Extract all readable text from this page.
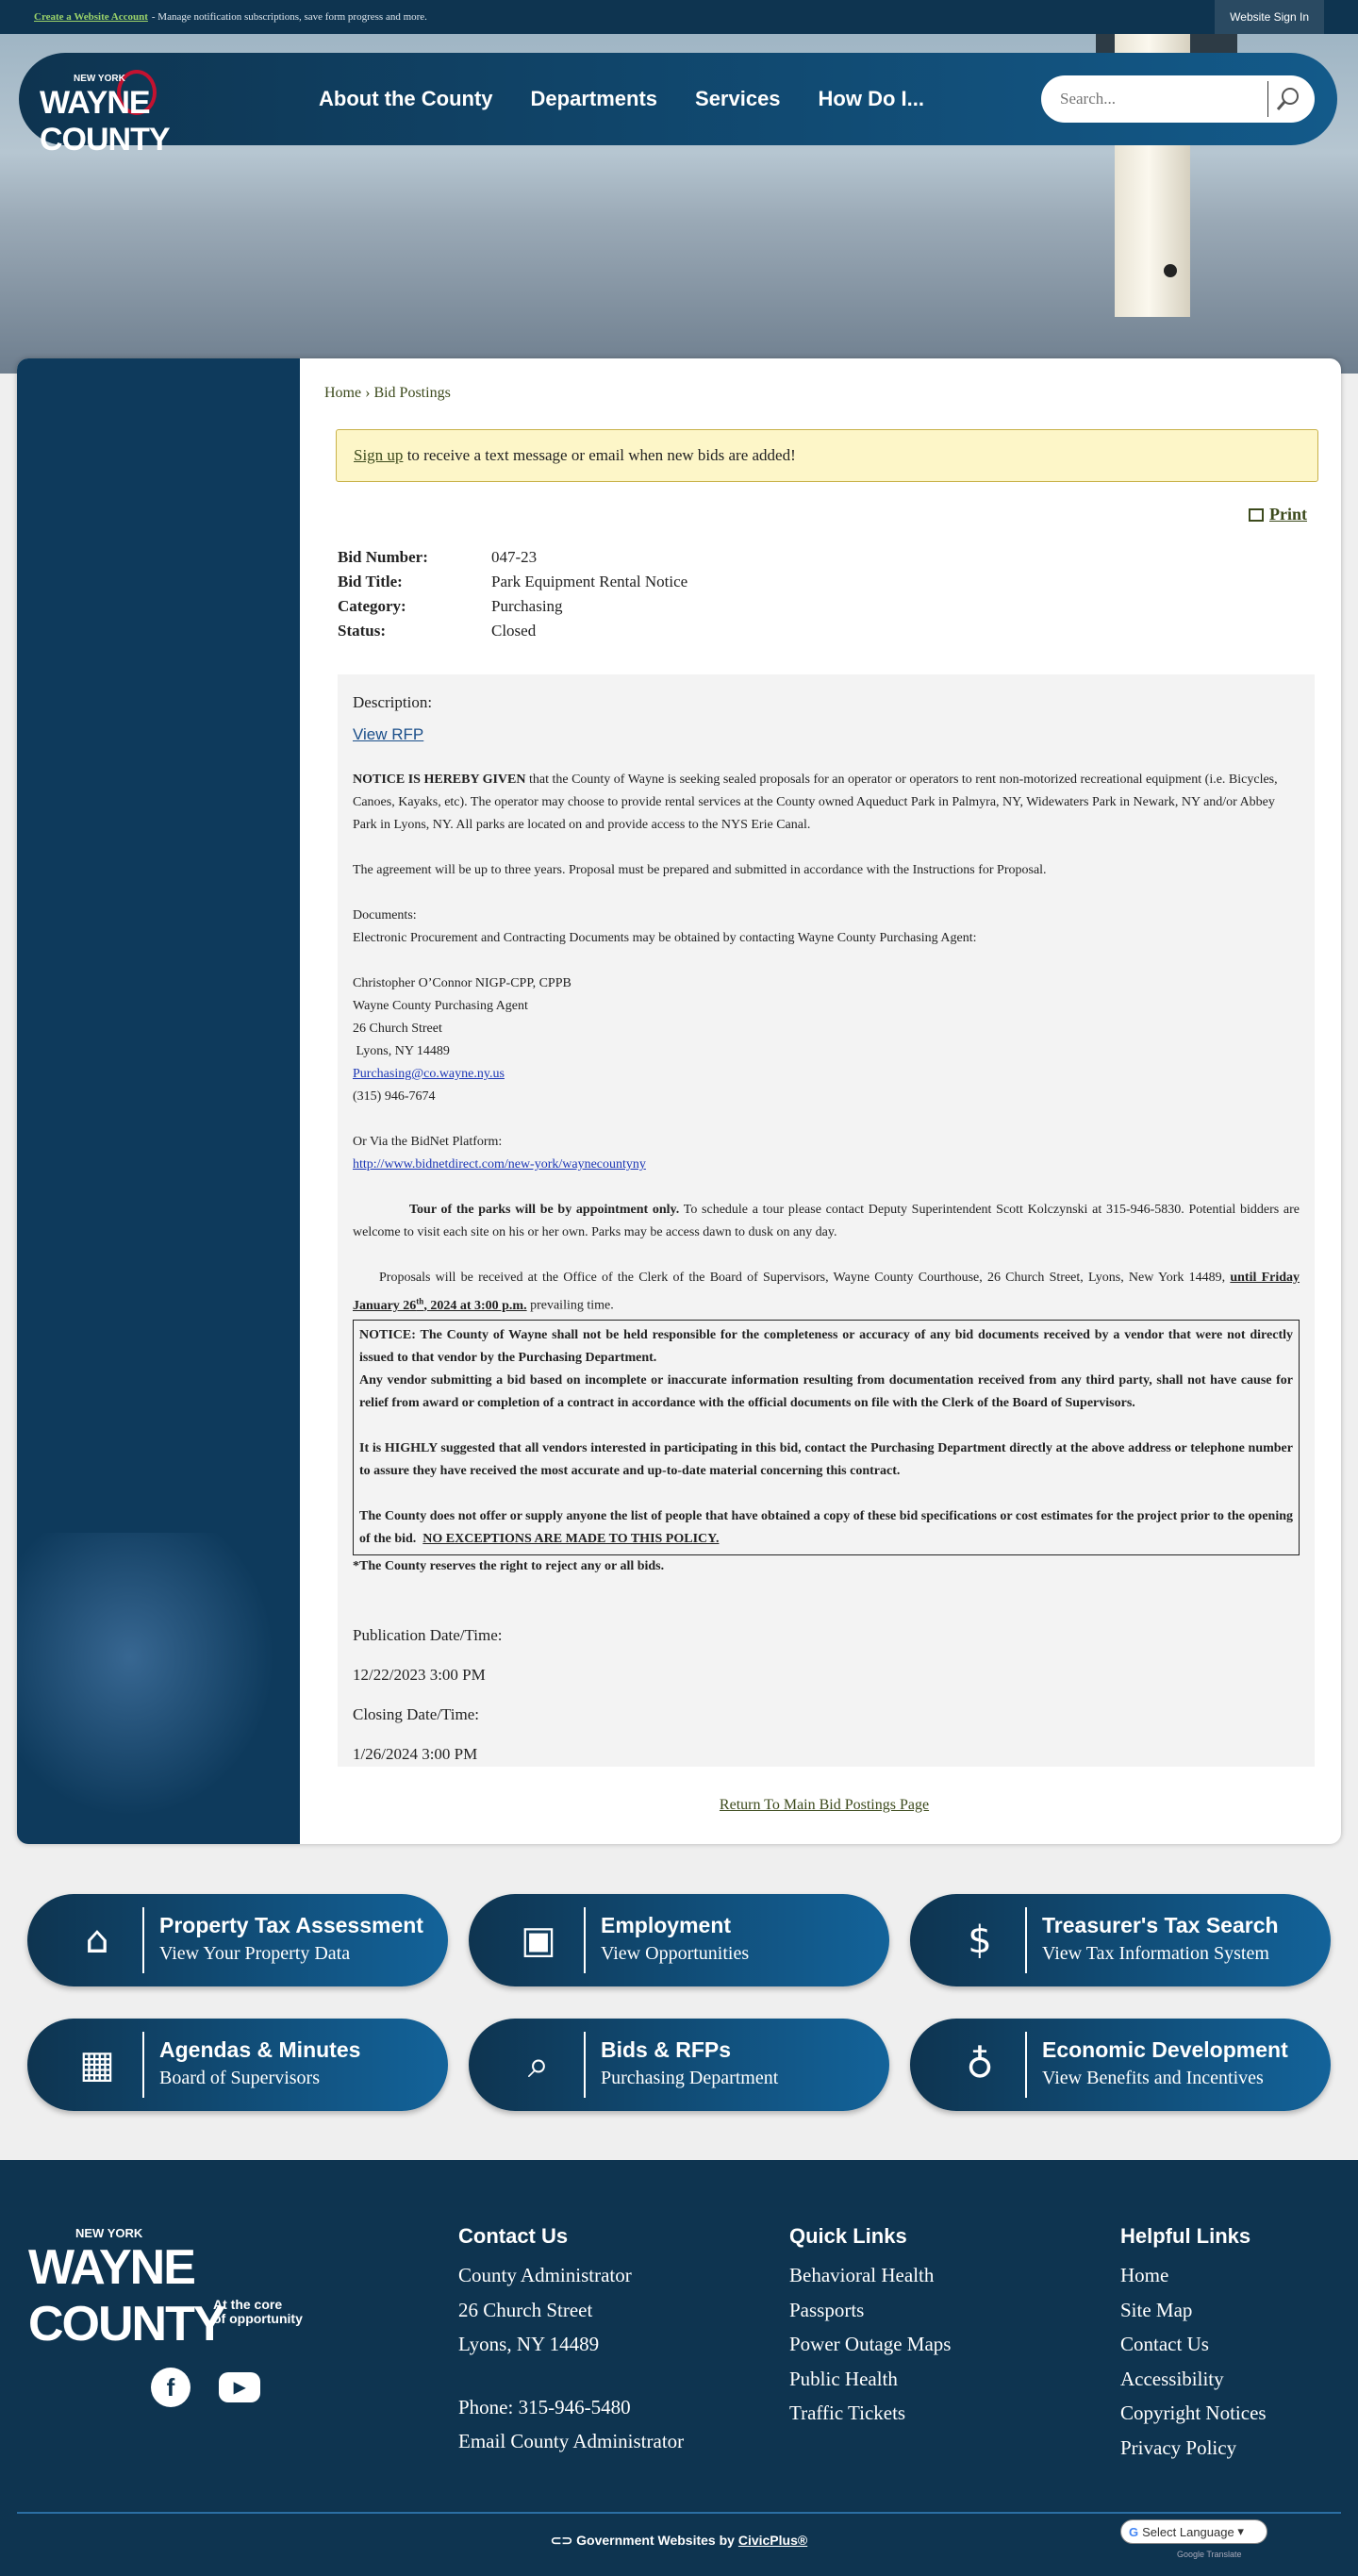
Create a Website Account - Manage notification subscriptions, save form progress and more.	Website Sign In
NEW YORK
WAYNE COUNTY
About the County	Departments	Services	How Do I...
Search...
Home › Bid Postings
Sign up
to receive a text message or email when new bids are added!
Print
Bid Number:	047-23
Bid Title:	Park Equipment Rental Notice
Category:	Purchasing
Status:	Closed
Description:
View RFP

NOTICE IS HEREBY GIVEN that the County of Wayne is seeking sealed proposals for an operator or operators to rent non-motorized recreational equipment (i.e. Bicycles, Canoes, Kayaks, etc). The operator may choose to provide rental services at the County owned Aqueduct Park in Palmyra, NY, Widewaters Park in Newark, NY and/or Abbey Park in Lyons, NY. All parks are located on and provide access to the NYS Erie Canal.

The agreement will be up to three years. Proposal must be prepared and submitted in accordance with the Instructions for Proposal.

Documents:

Electronic Procurement and Contracting Documents may be obtained by contacting Wayne County Purchasing Agent:

Christopher O’Connor NIGP-CPP, CPPB

Wayne County Purchasing Agent

26 Church Street

Lyons, NY 14489

Purchasing@co.wayne.ny.us

(315) 946-7674

Or Via the BidNet Platform:

http://www.bidnetdirect.com/new-york/waynecountyny

Tour of the parks will be by appointment only. To schedule a tour please contact Deputy Superintendent Scott Kolczynski at 315-946-5830. Potential bidders are welcome to visit each site on his or her own. Parks may be access dawn to dusk on any day.

Proposals will be received at the Office of the Clerk of the Board of Supervisors, Wayne County Courthouse, 26 Church Street, Lyons, New York 14489, until Friday January 26th, 2024 at 3:00 p.m. prevailing time.

NOTICE: The County of Wayne shall not be held responsible for the completeness or accuracy of any bid documents received by a vendor that were not directly issued to that vendor by the Purchasing Department.

Any vendor submitting a bid based on incomplete or inaccurate information resulting from documentation received from any third party, shall not have cause for relief from award or completion of a contract in accordance with the official documents on file with the Clerk of the Board of Supervisors.

It is HIGHLY suggested that all vendors interested in participating in this bid, contact the Purchasing Department directly at the above address or telephone number to assure they have received the most accurate and up-to-date material concerning this contract.

The County does not offer or supply anyone the list of people that have obtained a copy of these bid specifications or cost estimates for the project prior to the opening of the bid. NO EXCEPTIONS ARE MADE TO THIS POLICY.

*The County reserves the right to reject any or all bids.

Publication Date/Time:
12/22/2023 3:00 PM
Closing Date/Time:
1/26/2024 3:00 PM
Return To Main Bid Postings Page
⌂	Property Tax Assessment
View Your Property Data	▣	Employment
View Opportunities	$	Treasurer's Tax Search
View Tax Information System
▦	Agendas & Minutes
Board of Supervisors	⌕	Bids & RFPs
Purchasing Department	♁	Economic Development
View Benefits and Incentives
NEW YORK
WAYNE COUNTY
At the core
of opportunity
f	▶
Contact Us
County Administrator
26 Church Street
Lyons, NY 14489
Phone: 315-946-5480
Email County Administrator
Quick Links
Behavioral Health
Passports
Power Outage Maps
Public Health
Traffic Tickets
Helpful Links
Home
Site Map
Contact Us
Accessibility
Copyright Notices
Privacy Policy
⊂⊃ Government Websites by CivicPlus®
G Select Language ▾
Google Translate
